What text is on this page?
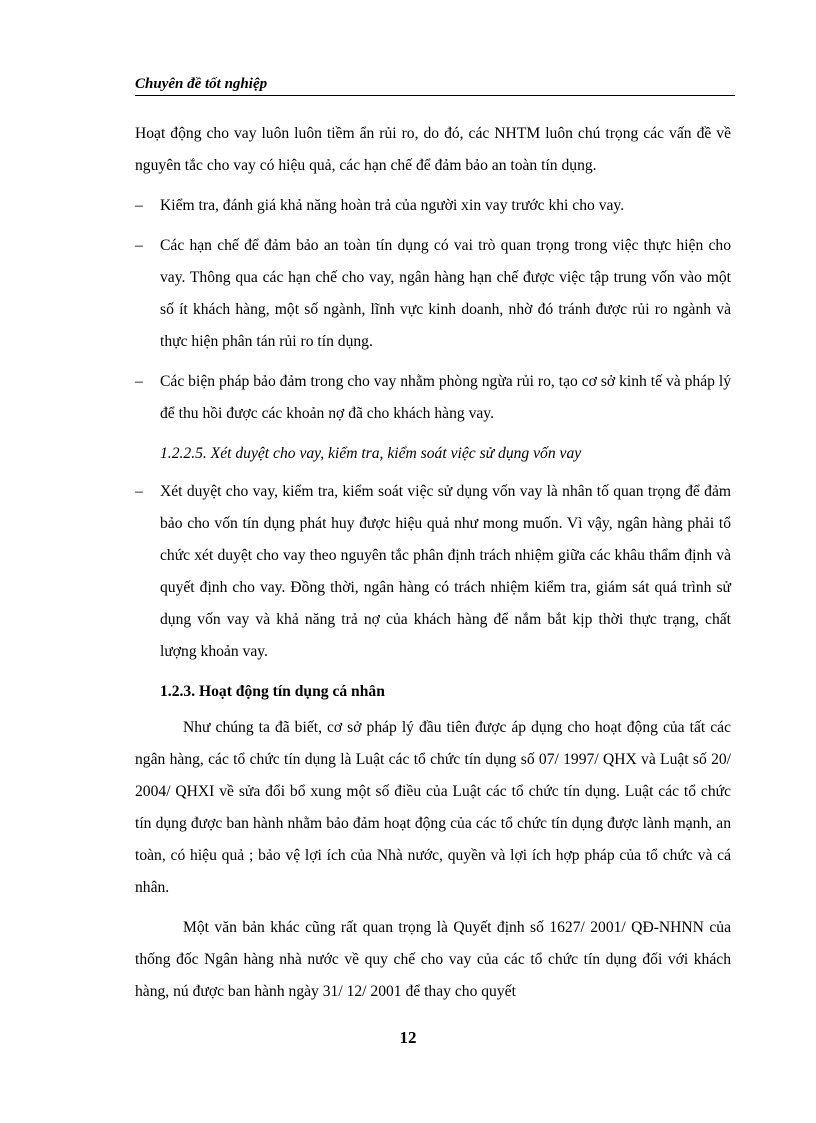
Chuyên đề tốt nghiệp

Hoạt động cho vay luôn luôn tiềm ẩn rủi ro, do đó, các NHTM luôn chú trọng các vấn đề về nguyên tắc cho vay có hiệu quả, các hạn chế để đảm bảo an toàn tín dụng.

– Kiểm tra, đánh giá khả năng hoàn trả của người xin vay trước khi cho vay.
– Các hạn chế để đảm bảo an toàn tín dụng có vai trò quan trọng trong việc thực hiện cho vay. Thông qua các hạn chế cho vay, ngân hàng hạn chế được việc tập trung vốn vào một số ít khách hàng, một số ngành, lĩnh vực kinh doanh, nhờ đó tránh được rủi ro ngành và thực hiện phân tán rủi ro tín dụng.
– Các biện pháp bảo đảm trong cho vay nhằm phòng ngừa rủi ro, tạo cơ sở kinh tế và pháp lý để thu hồi được các khoản nợ đã cho khách hàng vay.

1.2.2.5. Xét duyệt cho vay, kiểm tra, kiểm soát việc sử dụng vốn vay

– Xét duyệt cho vay, kiểm tra, kiểm soát việc sử dụng vốn vay là nhân tố quan trọng để đảm bảo cho vốn tín dụng phát huy được hiệu quả như mong muốn. Vì vậy, ngân hàng phải tổ chức xét duyệt cho vay theo nguyên tắc phân định trách nhiệm giữa các khâu thẩm định và quyết định cho vay. Đồng thời, ngân hàng có trách nhiệm kiểm tra, giám sát quá trình sử dụng vốn vay và khả năng trả nợ của khách hàng để nắm bắt kịp thời thực trạng, chất lượng khoản vay.

1.2.3. Hoạt động tín dụng cá nhân

Như chúng ta đã biết, cơ sở pháp lý đầu tiên được áp dụng cho hoạt động của tất các ngân hàng, các tổ chức tín dụng là Luật các tổ chức tín dụng số 07/ 1997/ QHX và Luật số 20/ 2004/ QHXI về sửa đổi bổ xung một số điều của Luật các tổ chức tín dụng. Luật các tổ chức tín dụng được ban hành nhằm bảo đảm hoạt động của các tổ chức tín dụng được lành mạnh, an toàn, có hiệu quả ; bảo vệ lợi ích của Nhà nước, quyền và lợi ích hợp pháp của tổ chức và cá nhân.

Một văn bản khác cũng rất quan trọng là Quyết định số 1627/ 2001/ QĐ-NHNN của thống đốc Ngân hàng nhà nước về quy chế cho vay của các tổ chức tín dụng đối với khách hàng, nú được ban hành ngày 31/ 12/ 2001 để thay cho quyết

12
